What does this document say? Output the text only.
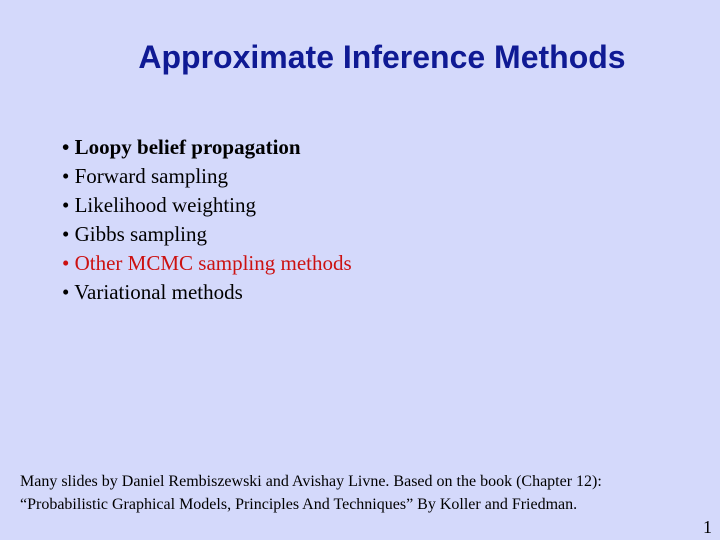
Approximate Inference Methods
• Loopy belief propagation
• Forward sampling
• Likelihood weighting
• Gibbs sampling
• Other MCMC sampling methods
• Variational methods
Many slides by Daniel Rembiszewski and Avishay Livne. Based on the book (Chapter 12):
“Probabilistic Graphical Models, Principles And Techniques” By Koller and Friedman.
1
